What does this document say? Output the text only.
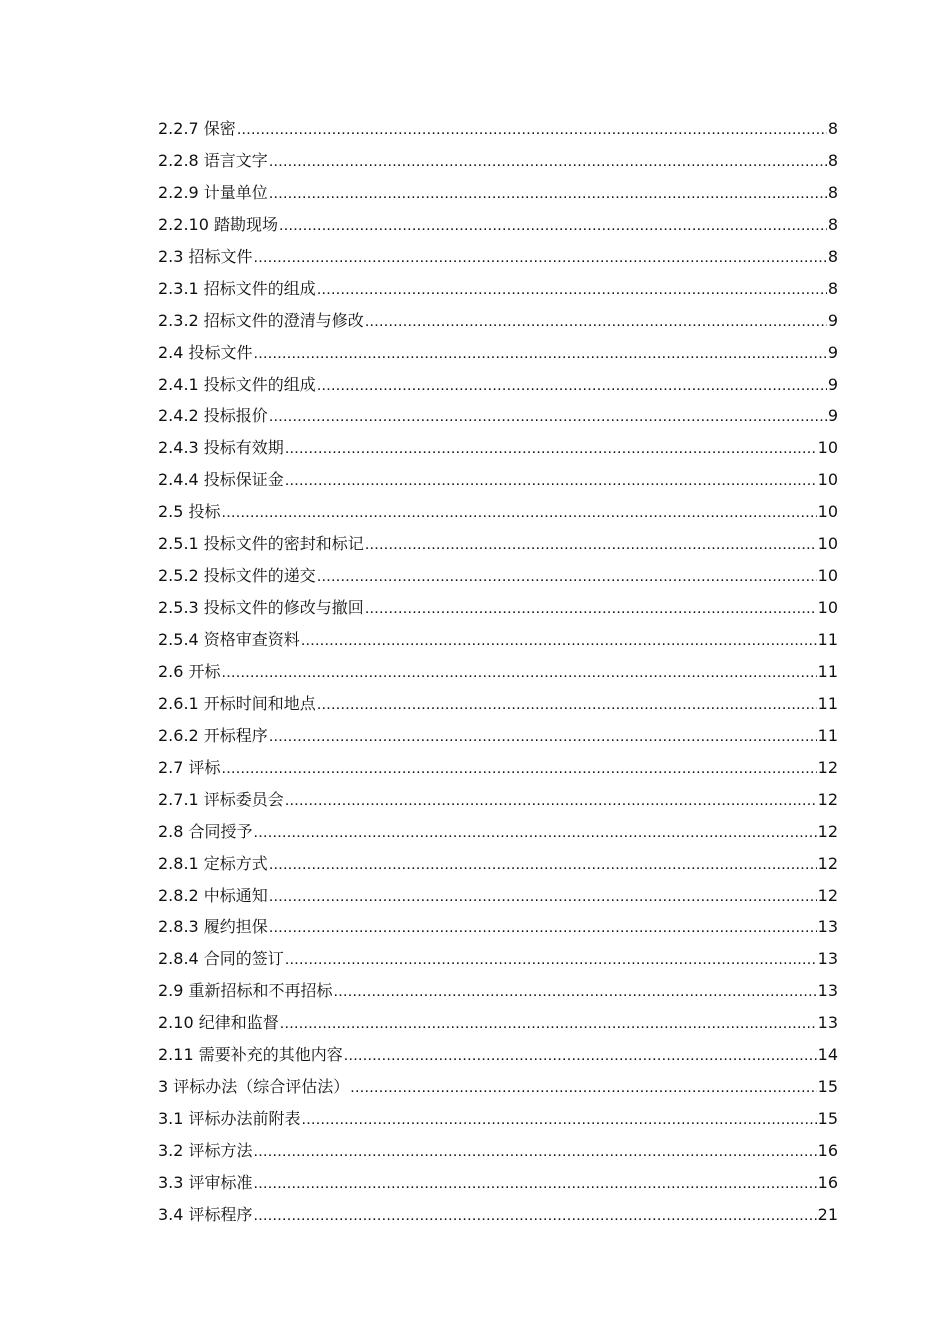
2.2.7 保密 .....	8
2.2.8 语言文字 .....	8
2.2.9 计量单位 .....	8
2.2.10 踏勘现场 .....	8
2.3 招标文件 .....	8
2.3.1 招标文件的组成 .....	8
2.3.2 招标文件的澄清与修改 .....	9
2.4 投标文件 .....	9
2.4.1 投标文件的组成 .....	9
2.4.2 投标报价 .....	9
2.4.3 投标有效期 .....	10
2.4.4 投标保证金 .....	10
2.5 投标 .....	10
2.5.1 投标文件的密封和标记 .....	10
2.5.2 投标文件的递交 .....	10
2.5.3 投标文件的修改与撤回 .....	10
2.5.4 资格审查资料 .....	11
2.6 开标 .....	11
2.6.1 开标时间和地点 .....	11
2.6.2 开标程序 .....	11
2.7 评标 .....	12
2.7.1 评标委员会 .....	12
2.8 合同授予 .....	12
2.8.1 定标方式 .....	12
2.8.2 中标通知 .....	12
2.8.3 履约担保 .....	13
2.8.4 合同的签订 .....	13
2.9 重新招标和不再招标 .....	13
2.10 纪律和监督 .....	13
2.11 需要补充的其他内容 .....	14
3 评标办法（综合评估法） .....	15
3.1 评标办法前附表 .....	15
3.2 评标方法 .....	16
3.3 评审标准 .....	16
3.4 评标程序 .....	21
